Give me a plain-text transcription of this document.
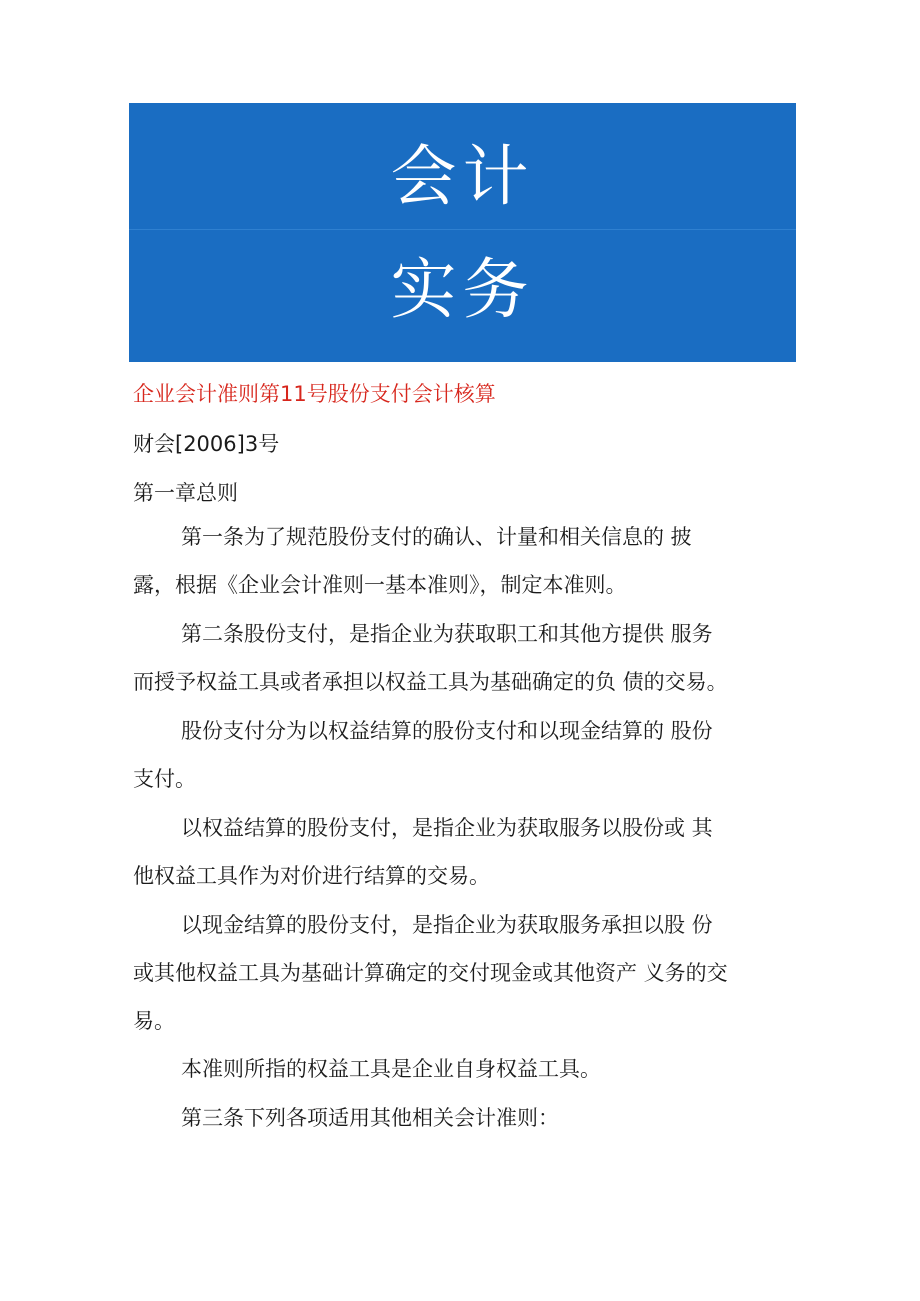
会计
实务
企业会计准则第11号股份支付会计核算
财会[2006]3号
第一章总则
第一条为了规范股份支付的确认、计量和相关信息的 披
露，根据《企业会计准则一基本准则》，制定本准则。
第二条股份支付，是指企业为获取职工和其他方提供 服务
而授予权益工具或者承担以权益工具为基础确定的负 债的交易。
股份支付分为以权益结算的股份支付和以现金结算的 股份
支付。
以权益结算的股份支付，是指企业为获取服务以股份或 其
他权益工具作为对价进行结算的交易。
以现金结算的股份支付，是指企业为获取服务承担以股 份
或其他权益工具为基础计算确定的交付现金或其他资产 义务的交
易。
本准则所指的权益工具是企业自身权益工具。
第三条下列各项适用其他相关会计准则：
